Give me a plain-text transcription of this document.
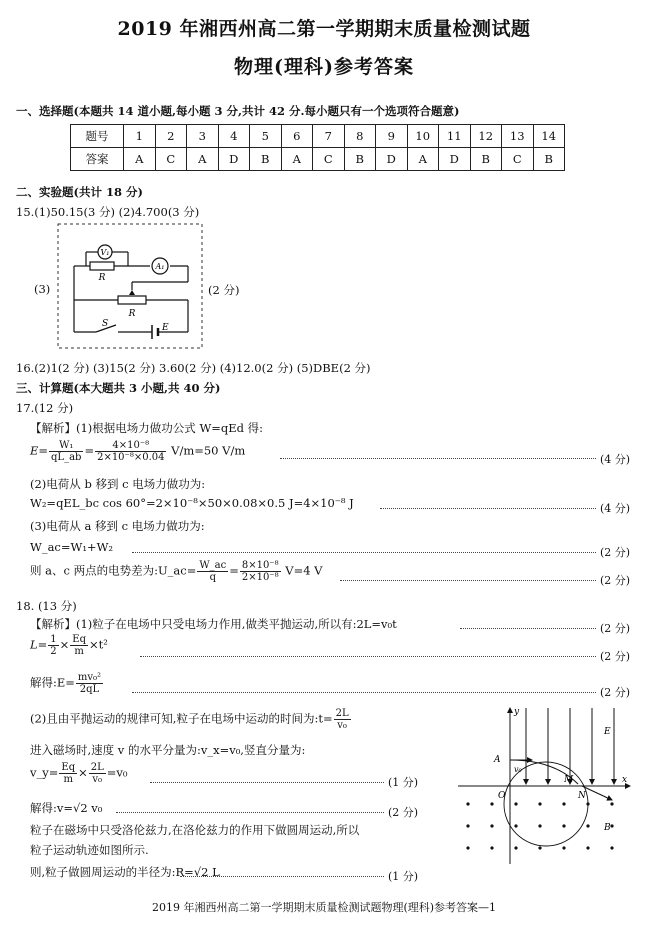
2019 年湘西州高二第一学期期末质量检测试题
物理(理科)参考答案
一、选择题(本题共 14 道小题,每小题 3 分,共计 42 分.每小题只有一个选项符合题意)
题号	1	2	3	4	5	6	7	8	9	10	11	12	13	14
答案	A	C	A	D	B	A	C	B	D	A	D	B	C	B
二、实验题(共计 18 分)
15.(1)50.15(3 分) (2)4.700(3 分)
(3)	(2 分)
V₁
A₁
R
R
S	E
16.(2)1(2 分) (3)15(2 分) 3.60(2 分) (4)12.0(2 分) (5)DBE(2 分)
三、计算题(本大题共 3 小题,共 40 分)
17.(12 分)
【解析】(1)根据电场力做功公式 W=qEd 得:
$E= \frac{\text{W₁}}{qL\_ab} = \frac{\text{4×10⁻⁸}}{\text{2×10⁻⁸×0.04}} V/m=50$ V/m
(4 分)
(2)电荷从 b 移到 c 电场力做功为:
W₂=qEL_bc cos 60°=2×10⁻⁸×50×0.08×0.5 J=4×10⁻⁸ J	(4 分)
(3)电荷从 a 移到 c 电场力做功为:
W_ac=W₁+W₂	(2 分)
则 a、c 两点的电势差为:U_ac= $\frac{W\_ac}{q} = \frac{\text{8×10⁻⁸}}{\text{2×10⁻⁸}} V=4$ V
(2 分)
18. (13 分)
【解析】(1)粒子在电场中只受电场力作用,做类平抛运动,所以有:2L=v₀t	(2 分)
$L= \frac{1}{2} \times \frac{Eq}{m} \times t^2$
(2 分)
解得:E= $\frac{\text{mv₀²}}{2qL}$	(2 分)
(2)且由平抛运动的规律可知,粒子在电场中运动的时间为:t= $\frac{2L}{\text{v₀}}$
进入磁场时,速度 v 的水平分量为:v_x=v₀,竖直分量为:
v_y= $\frac{Eq}{m} \times \frac{2L}{\text{v₀}} =v_0$
(1 分)
解得:v=√2 v₀	(2 分)
粒子在磁场中只受洛伦兹力,在洛伦兹力的作用下做圆周运动,所以
粒子运动轨迹如图所示.
则,粒子做圆周运动的半径为:R=√2 L	(1 分)
y
A
v₀
O
M
N
B
E
x
2019 年湘西州高二第一学期期末质量检测试题物理(理科)参考答案—1
